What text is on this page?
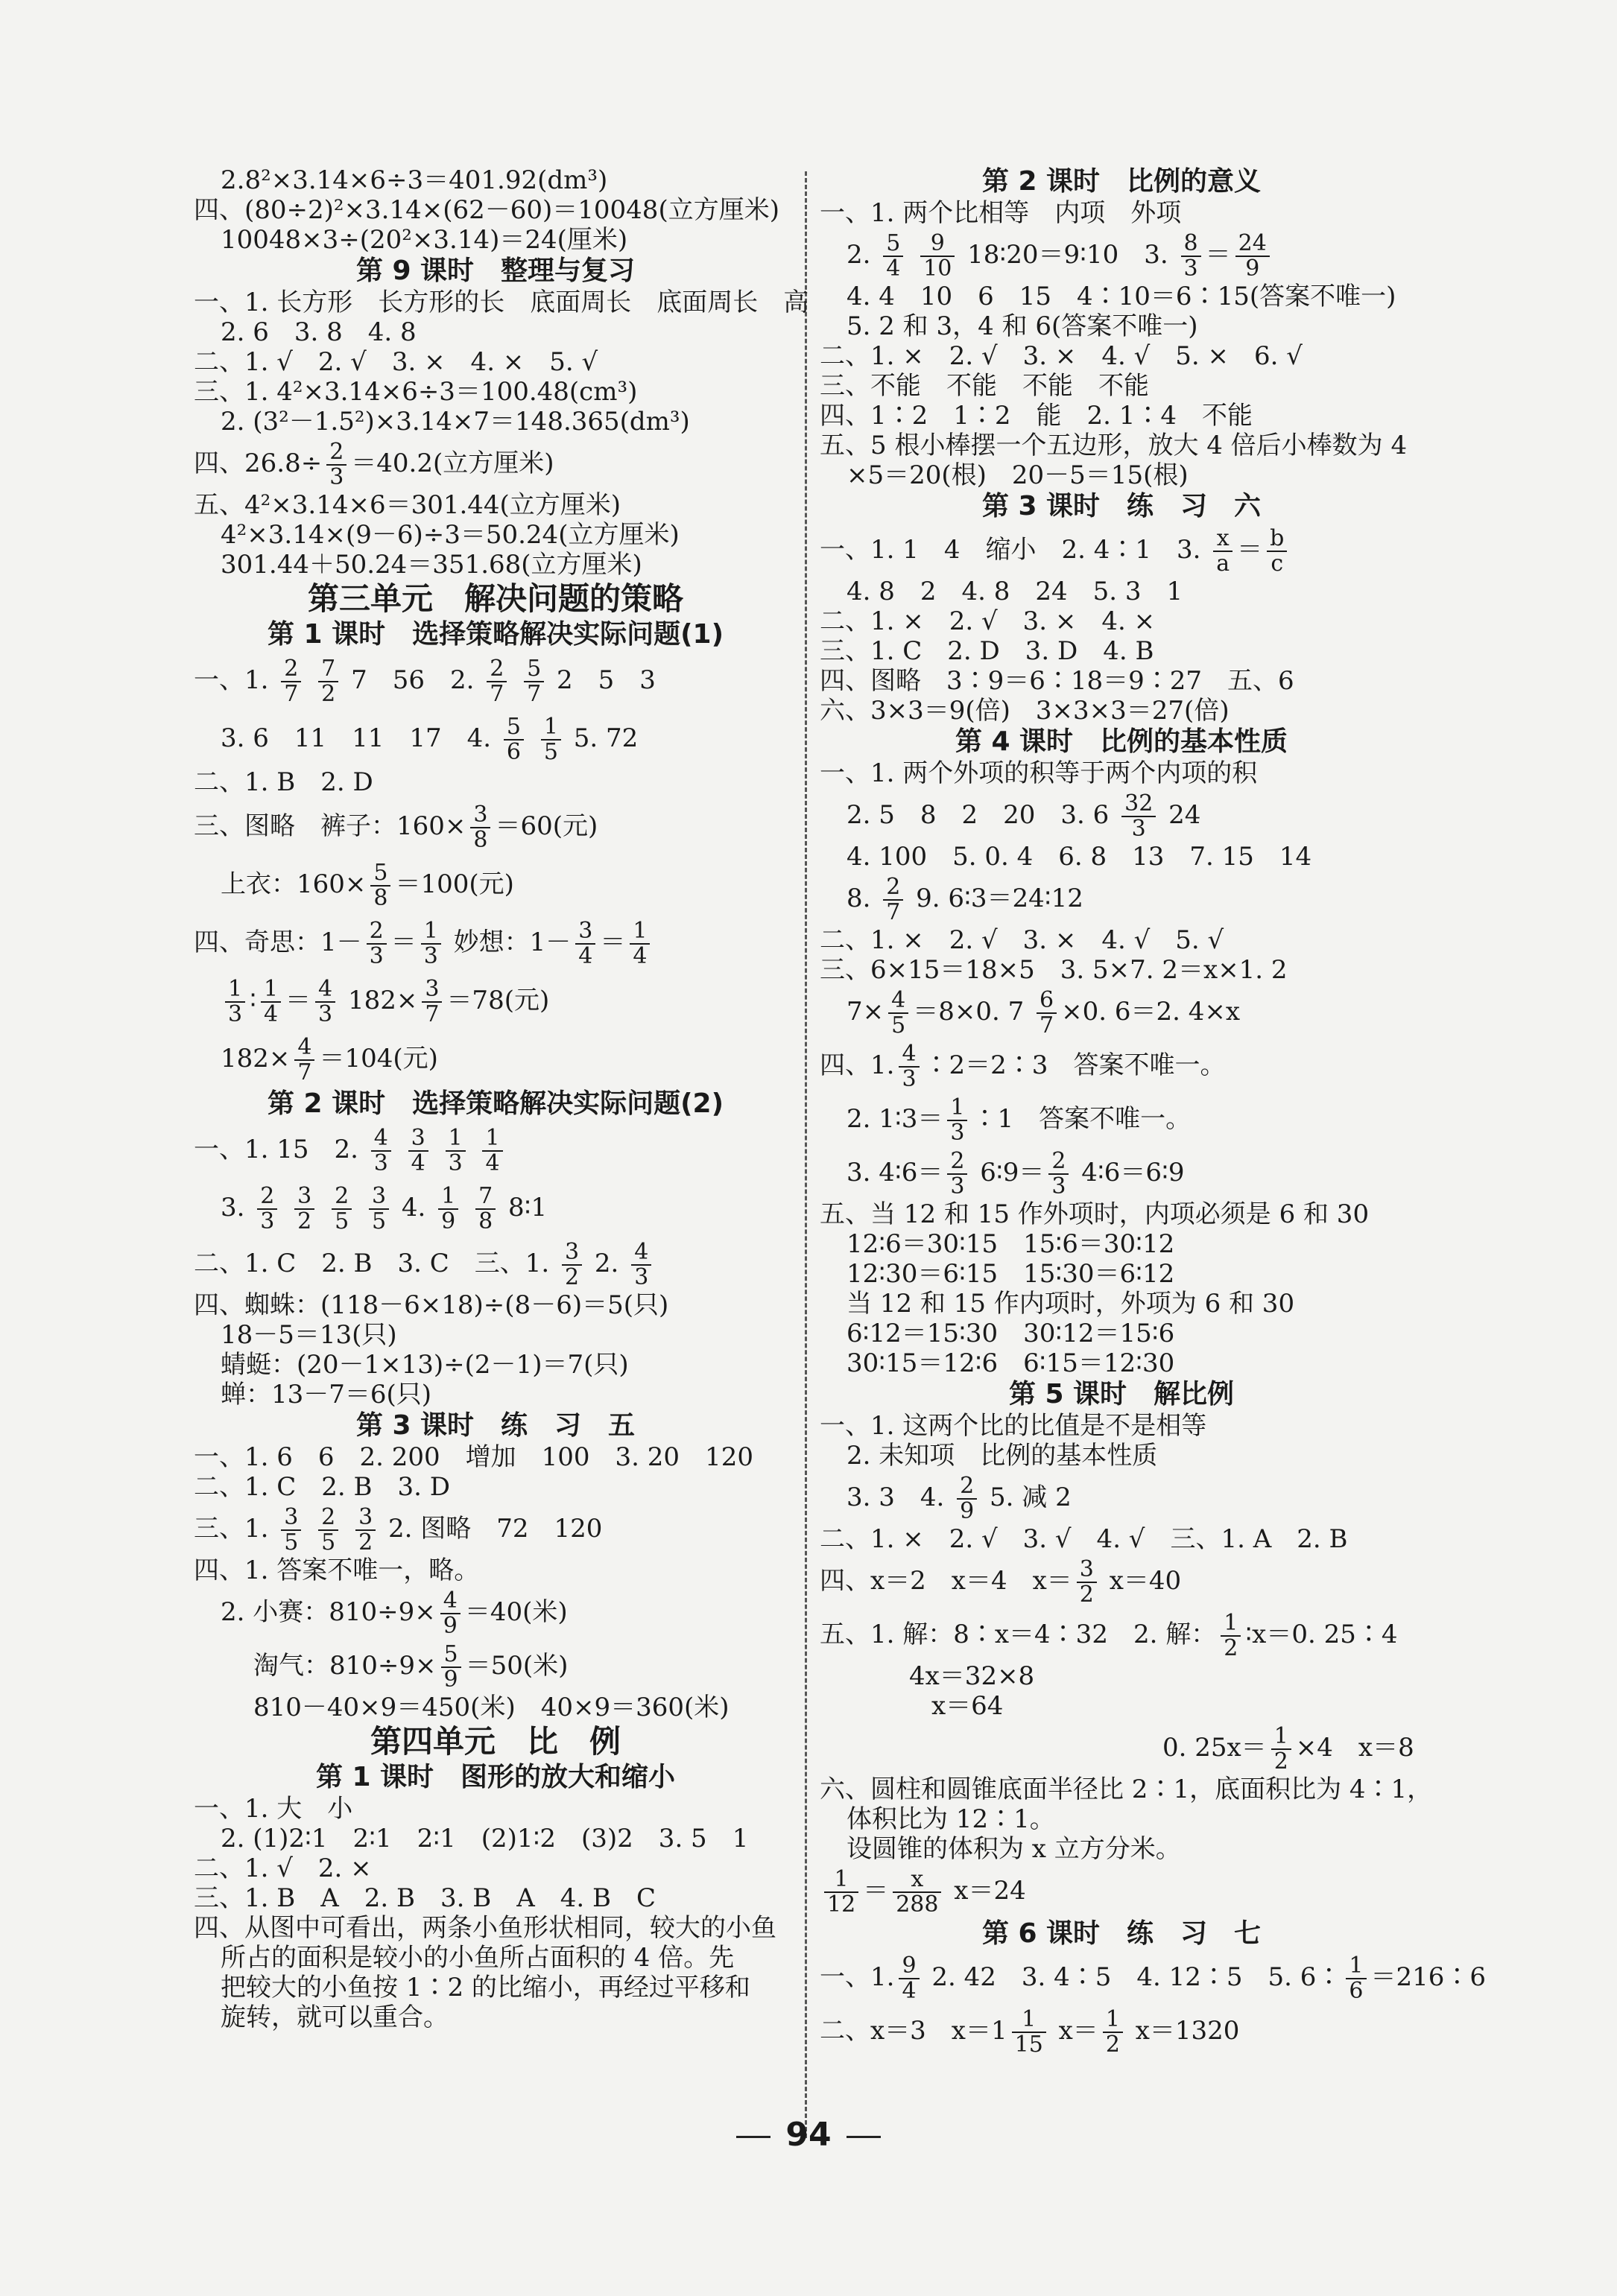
2.8²×3.14×6÷3＝401.92(dm³)
四、(80÷2)²×3.14×(62－60)＝10048(立方厘米)
10048×3÷(20²×3.14)＝24(厘米)
第 9 课时　整理与复习
一、1. 长方形　长方形的长　底面周长　底面周长　高
2. 6　3. 8　4. 8
二、1. √　2. √　3. ×　4. ×　5. √
三、1. 4²×3.14×6÷3＝100.48(cm³)
2. (3²－1.5²)×3.14×7＝148.365(dm³)
四、$26.8\div \frac{2}{3} =40.2$(立方厘米)
五、4²×3.14×6＝301.44(立方厘米)
4²×3.14×(9－6)÷3＝50.24(立方厘米)
301.44＋50.24＝351.68(立方厘米)
第三单元　解决问题的策略
第 1 课时　选择策略解决实际问题(1)
一、1. $\frac{2}{7}$
$\frac{7}{2} 7$　56　2. $\frac{2}{7}$
$\frac{5}{7} 2$　5　3
3. 6　11　11　17　4. $\frac{5}{6}$
$\frac{1}{5} 5$. 72
二、1. B　2. D
三、图略　裤子：$160\times \frac{3}{8} =60$(元)
上衣：$160\times \frac{5}{8} =100$(元)
四、奇思：$1- \frac{2}{3} = \frac{1}{3}$ 妙想：$1- \frac{3}{4} = \frac{1}{4}$
$\frac{1}{3}$ ∶ $\frac{1}{4} = \frac{4}{3} 182\times \frac{3}{7} =78$(元)
$182\times \frac{4}{7} =104$(元)
第 2 课时　选择策略解决实际问题(2)
一、1. 15　2. $\frac{4}{3}$
$\frac{3}{4}$
$\frac{1}{3}$
$\frac{1}{4}$
3. $\frac{2}{3}$
$\frac{3}{2}$
$\frac{2}{5}$
$\frac{3}{5} 4$. $\frac{1}{9}$
$\frac{7}{8}$ 8∶1
二、1. C　2. B　3. C　三、1. $\frac{3}{2} 2$. $\frac{4}{3}$
四、蜘蛛：(118－6×18)÷(8－6)＝5(只)
18－5＝13(只)
蜻蜓：(20－1×13)÷(2－1)＝7(只)
蝉：13－7＝6(只)
第 3 课时　练　习　五
一、1. 6　6　2. 200　增加　100　3. 20　120
二、1. C　2. B　3. D
三、1. $\frac{3}{5}$
$\frac{2}{5}$
$\frac{3}{2} 2$. 图略　72　120
四、1. 答案不唯一，略。
2. 小赛：$810\div 9\times \frac{4}{9} =40$(米)
淘气：$810\div 9\times \frac{5}{9} =50$(米)
810－40×9＝450(米)　40×9＝360(米)
第四单元　比　例
第 1 课时　图形的放大和缩小
一、1. 大　小
2. (1)2∶1　2∶1　2∶1　(2)1∶2　(3)2　3. 5　1
二、1. √　2. ×
三、1. B　A　2. B　3. B　A　4. B　C
四、从图中可看出，两条小鱼形状相同，较大的小鱼
所占的面积是较小的小鱼所占面积的 4 倍。先
把较大的小鱼按 1∶2 的比缩小，再经过平移和
旋转，就可以重合。
第 2 课时　比例的意义
一、1. 两个比相等　内项　外项
2. $\frac{5}{4}$
$\frac{9}{10}$ 18∶20＝9∶10　3. $\frac{8}{3} = \frac{24}{9}$
4. 4　10　6　15　4∶10＝6∶15(答案不唯一)
5. 2 和 3，4 和 6(答案不唯一)
二、1. ×　2. √　3. ×　4. √　5. ×　6. √
三、不能　不能　不能　不能
四、1∶2　1∶2　能　2. 1∶4　不能
五、5 根小棒摆一个五边形，放大 4 倍后小棒数为 4
×5＝20(根)　20－5＝15(根)
第 3 课时　练　习　六
一、1. 1　4　缩小　2. 4∶1　3. $\frac{x}{a} = \frac{b}{c}$
4. 8　2　4. 8　24　5. 3　1
二、1. ×　2. √　3. ×　4. ×
三、1. C　2. D　3. D　4. B
四、图略　3∶9＝6∶18＝9∶27　五、6
六、3×3＝9(倍)　3×3×3＝27(倍)
第 4 课时　比例的基本性质
一、1. 两个外项的积等于两个内项的积
2. 5　8　2　20　3. $6 \frac{32}{3} 24$
4. 100　5. 0. 4　6. 8　13　7. 15　14
8. $\frac{2}{7} 9$. 6∶3＝24∶12
二、1. ×　2. √　3. ×　4. √　5. √
三、6×15＝18×5　3. 5×7. 2＝x×1. 2
$7\times \frac{4}{5} =8\times 0$. $7 \frac{6}{7} \times 0$. 6＝2. 4×x
四、1. $\frac{4}{3}$ ∶2＝2∶3　答案不唯一。
2. 1∶3＝ $\frac{1}{3}$ ∶1　答案不唯一。
3. 4∶6＝ $\frac{2}{3}$ 6∶9＝ $\frac{2}{3}$ 4∶6＝6∶9
五、当 12 和 15 作外项时，内项必须是 6 和 30
12∶6＝30∶15　15∶6＝30∶12
12∶30＝6∶15　15∶30＝6∶12
当 12 和 15 作内项时，外项为 6 和 30
6∶12＝15∶30　30∶12＝15∶6
30∶15＝12∶6　6∶15＝12∶30
第 5 课时　解比例
一、1. 这两个比的比值是不是相等
2. 未知项　比例的基本性质
3. 3　4. $\frac{2}{9} 5$. 减 2
二、1. ×　2. √　3. √　4. √　三、1. A　2. B
四、x＝2　x＝4　$x= \frac{3}{2} x=40$
五、1. 解：8∶x＝4∶32　2. 解： $\frac{1}{2}$ ∶x＝0. 25∶4
4x＝32×8
x＝64
0. $25x= \frac{1}{2} \times 4$　x＝8
六、圆柱和圆锥底面半径比 2∶1，底面积比为 4∶1，
体积比为 12∶1。
设圆锥的体积为 x 立方分米。
$\frac{1}{12} = \frac{x}{288} x=24$
第 6 课时　练　习　七
一、1. $\frac{9}{4} 2$. 42　3. 4∶5　4. 12∶5　5. 6∶ $\frac{1}{6}$ ＝216∶6
二、x＝3　$x=1 \frac{1}{15} x= \frac{1}{2} x=1320$
94
